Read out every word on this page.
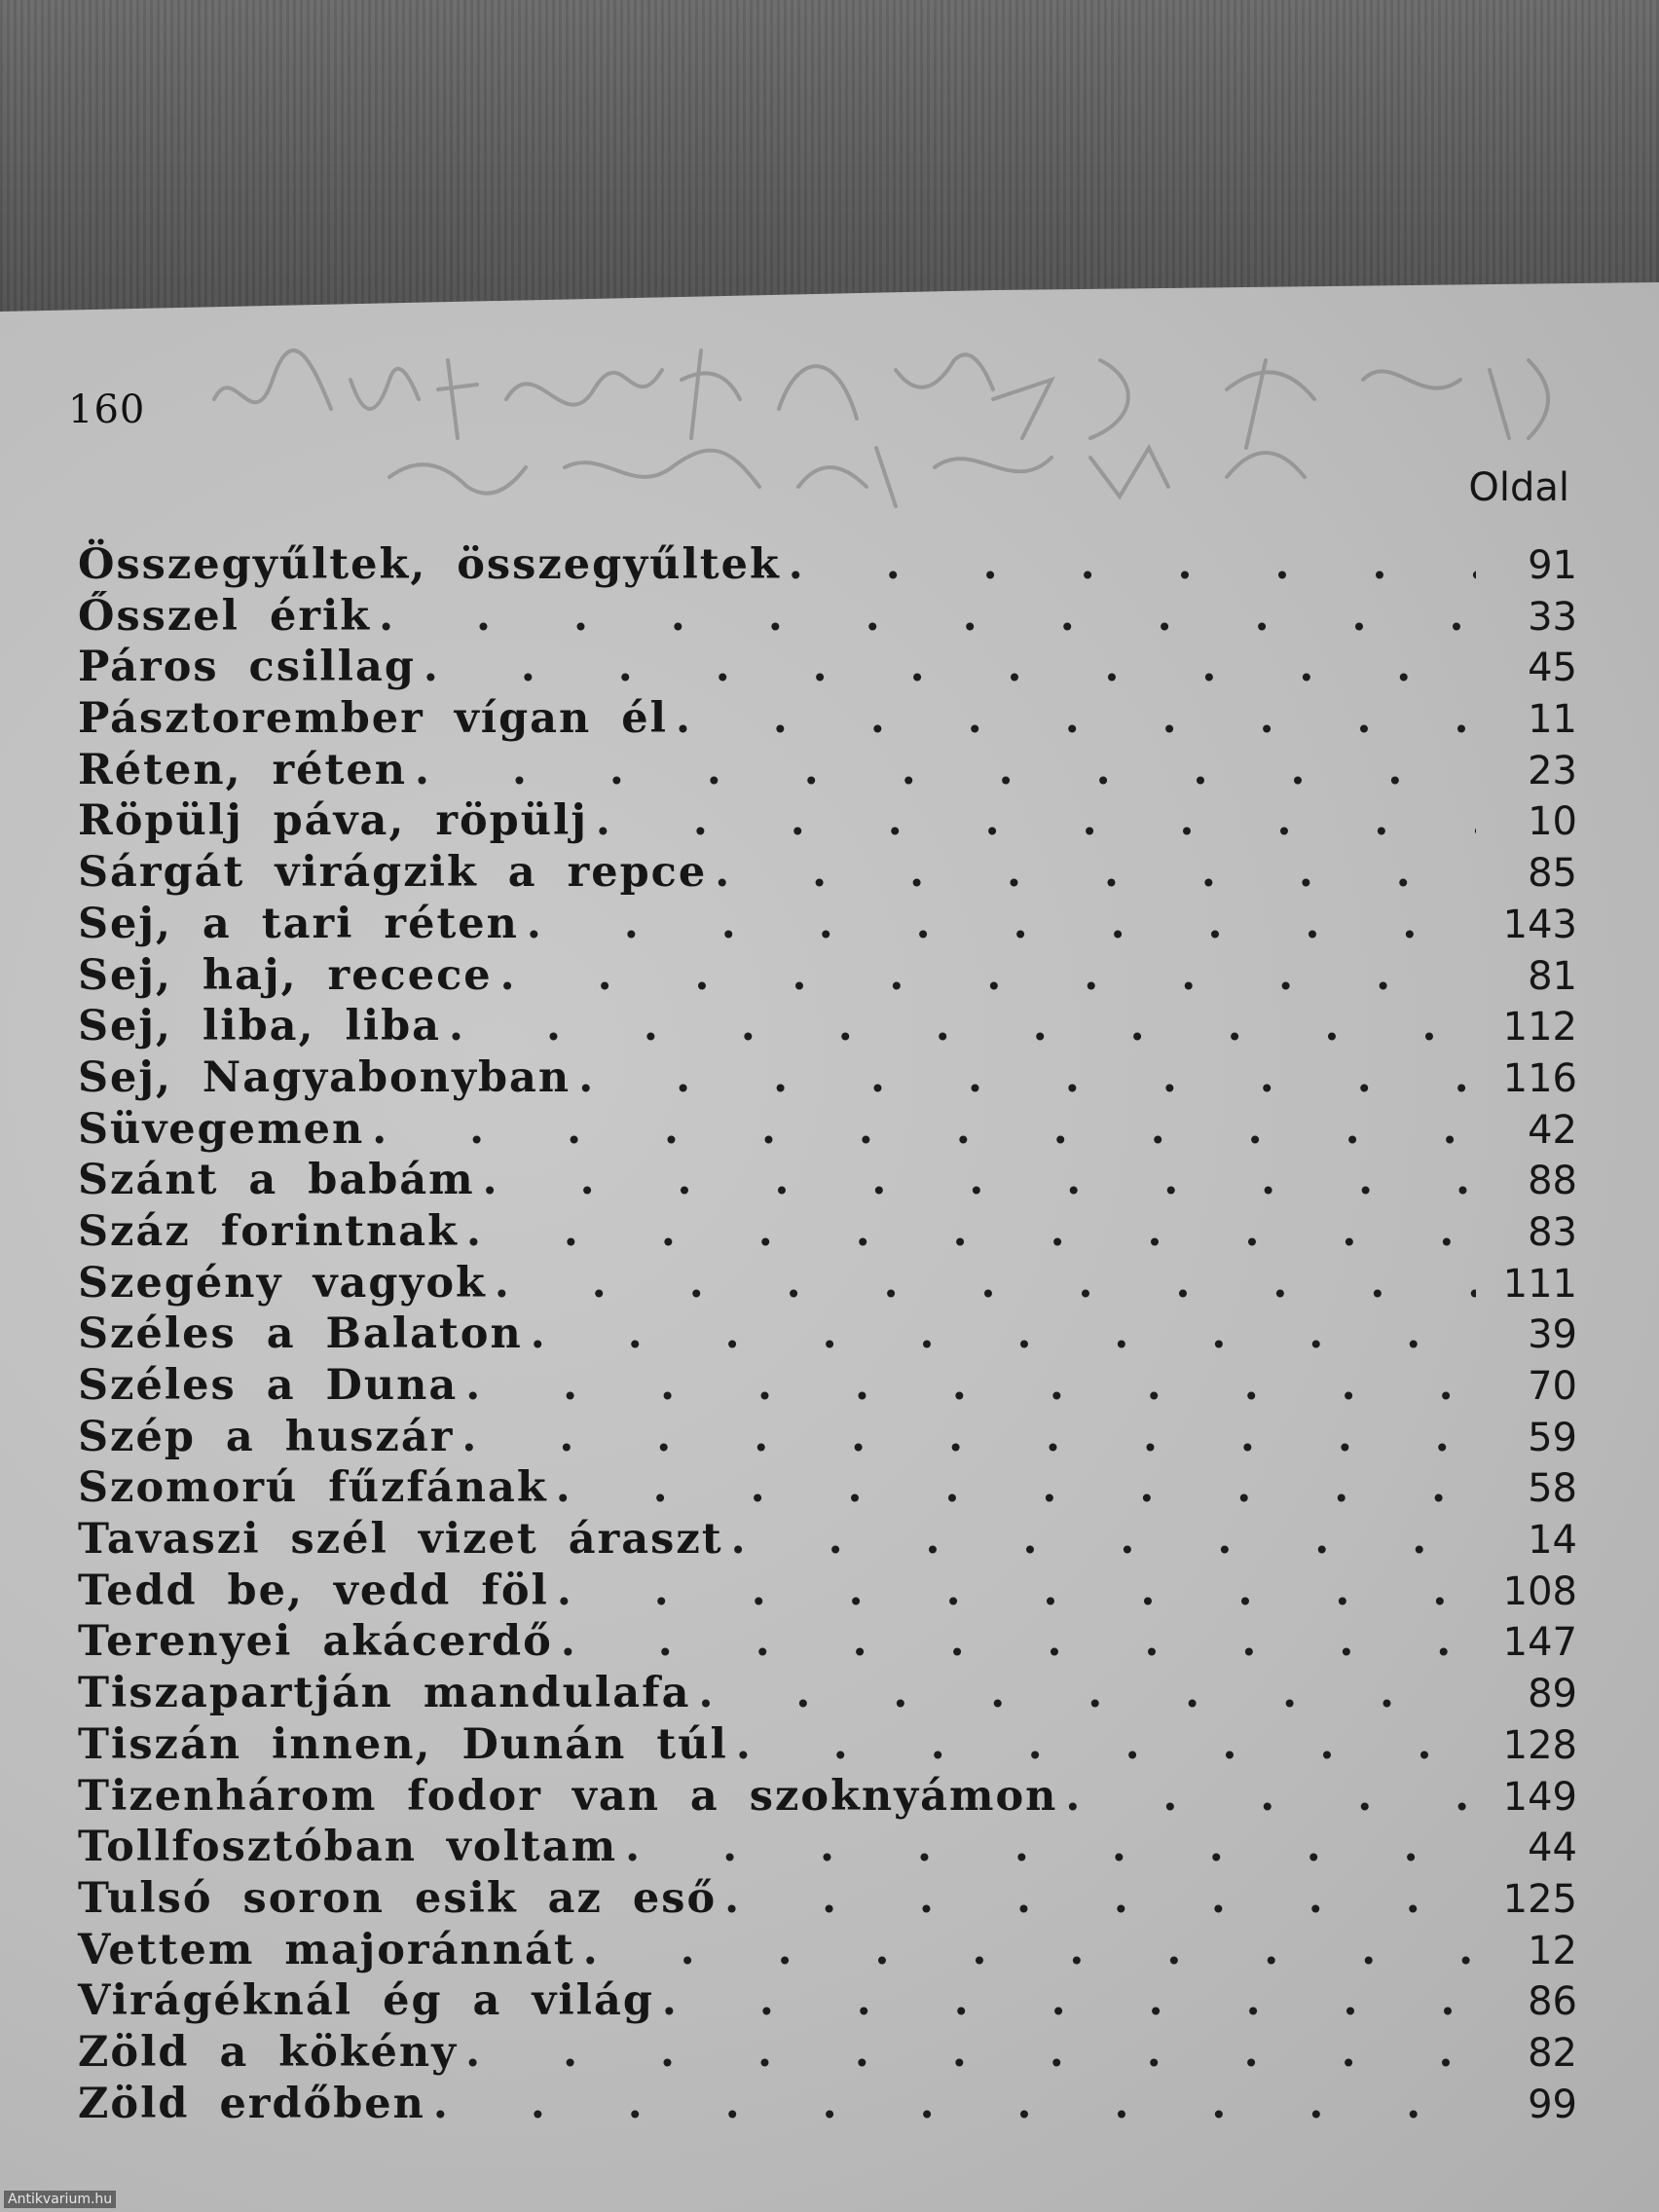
160
Oldal
Összegyűltek, összegyűltek . . .	91
Ősszel érik . . .	33
Páros csillag . . .	45
Pásztorember vígan él . . .	11
Réten, réten . . .	23
Röpülj páva, röpülj . . .	10
Sárgát virágzik a repce . . .	85
Sej, a tari réten . . .	143
Sej, haj, recece . . .	81
Sej, liba, liba . . .	112
Sej, Nagyabonyban . . .	116
Süvegemen . . .	42
Szánt a babám . . .	88
Száz forintnak . . .	83
Szegény vagyok . . .	111
Széles a Balaton . . .	39
Széles a Duna . . .	70
Szép a huszár . . .	59
Szomorú fűzfának . . .	58
Tavaszi szél vizet áraszt . . .	14
Tedd be, vedd föl . . .	108
Terenyei akácerdő . . .	147
Tiszapartján mandulafa . . .	89
Tiszán innen, Dunán túl . . .	128
Tizenhárom fodor van a szoknyámon . . .	149
Tollfosztóban voltam . . .	44
Tulsó soron esik az eső . . .	125
Vettem majoránnát . . .	12
Virágéknál ég a világ . . .	86
Zöld a kökény . . .	82
Zöld erdőben . . .	99
Antikvarium.hu
